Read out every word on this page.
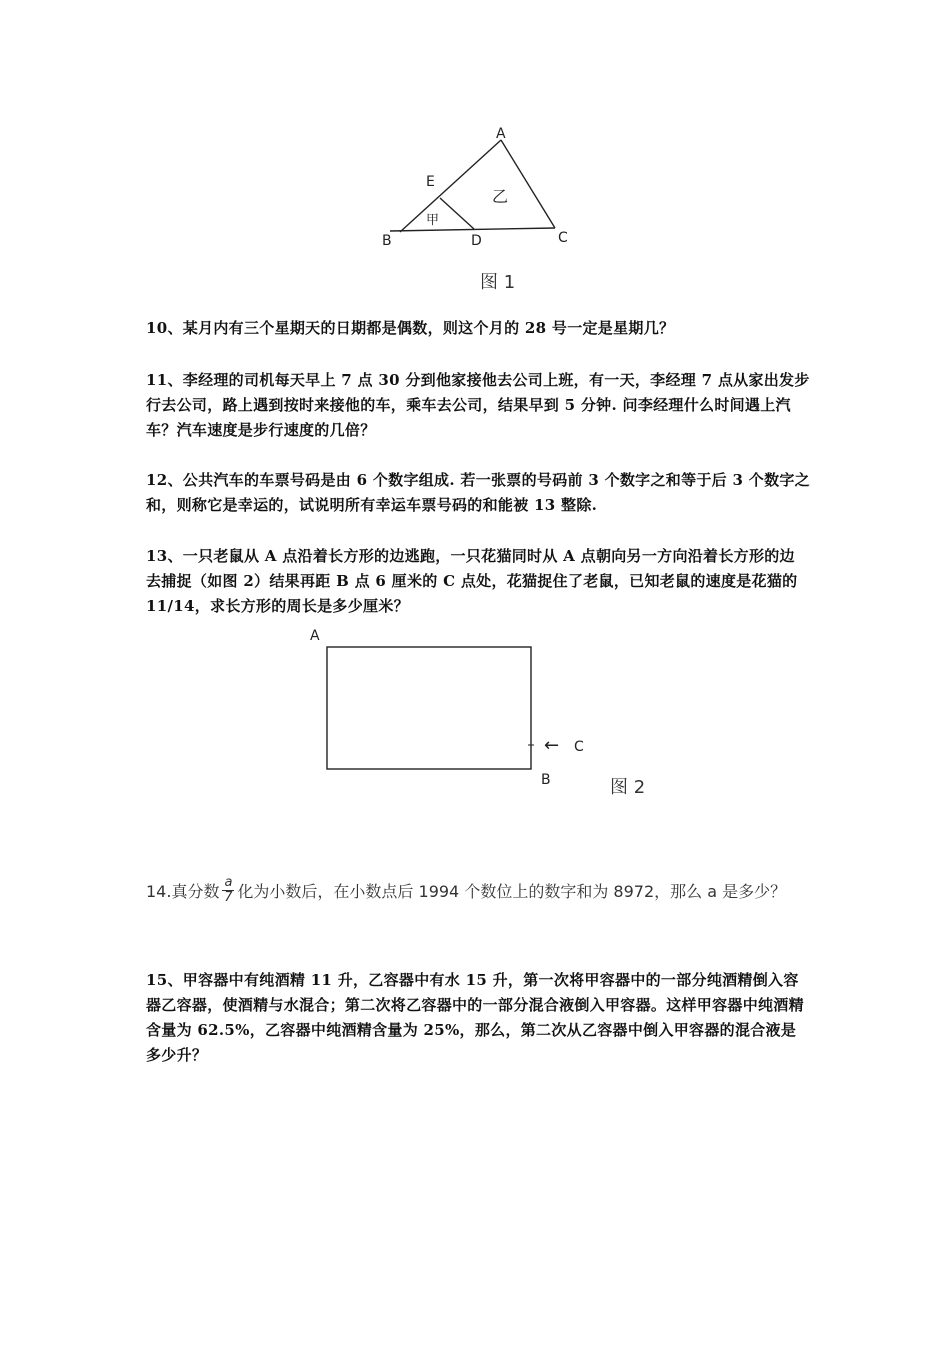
A
E
B	D	C
乙
甲
图 1
10、某月内有三个星期天的日期都是偶数，则这个月的 28 号一定是星期几？
11、李经理的司机每天早上 7 点 30 分到他家接他去公司上班，有一天，李经理 7 点从家出发步行去公司，路上遇到按时来接他的车，乘车去公司，结果早到 5 分钟. 问李经理什么时间遇上汽车？汽车速度是步行速度的几倍？
12、公共汽车的车票号码是由 6 个数字组成. 若一张票的号码前 3 个数字之和等于后 3 个数字之和，则称它是幸运的，试说明所有幸运车票号码的和能被 13 整除.
13、一只老鼠从 A 点沿着长方形的边逃跑，一只花猫同时从 A 点朝向另一方向沿着长方形的边去捕捉（如图 2）结果再距 B 点 6 厘米的 C 点处，花猫捉住了老鼠，已知老鼠的速度是花猫的 11/14，求长方形的周长是多少厘米？
A
B
← C
图 2
14.真分数 $\frac{a}{7}$ 化为小数后，在小数点后 1994 个数位上的数字和为 8972，那么 a 是多少？
15、甲容器中有纯酒精 11 升，乙容器中有水 15 升，第一次将甲容器中的一部分纯酒精倒入容器乙容器，使酒精与水混合；第二次将乙容器中的一部分混合液倒入甲容器。这样甲容器中纯酒精含量为 62.5%，乙容器中纯酒精含量为 25%，那么，第二次从乙容器中倒入甲容器的混合液是多少升？
